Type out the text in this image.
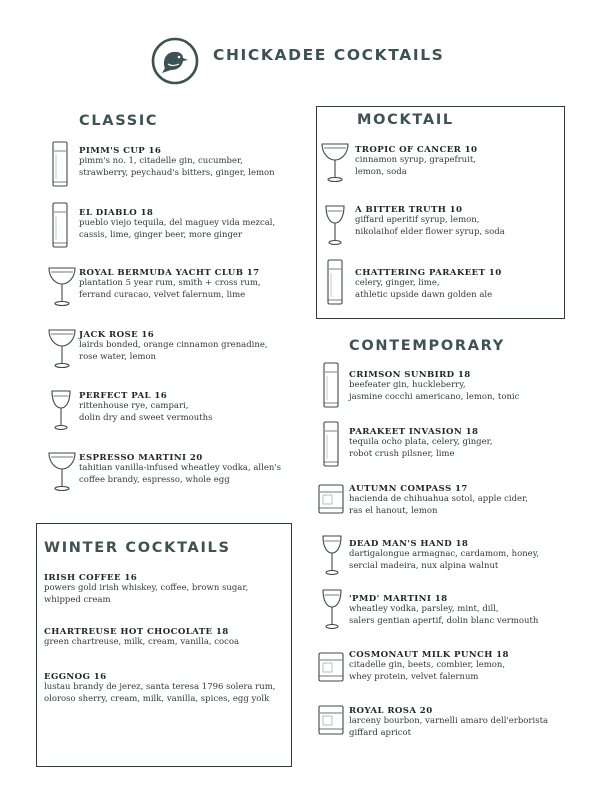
CHICKADEE COCKTAILS
CLASSIC	MOCKTAIL
CONTEMPORARY
WINTER COCKTAILS
PIMM'S CUP 16
pimm's no. 1, citadelle gin, cucumber,
strawberry, peychaud's bitters, ginger, lemon
EL DIABLO 18
pueblo viejo tequila, del maguey vida mezcal,
cassis, lime, ginger beer, more ginger
ROYAL BERMUDA YACHT CLUB 17
plantation 5 year rum, smith + cross rum,
ferrand curacao, velvet falernum, lime
JACK ROSE 16
lairds bonded, orange cinnamon grenadine,
rose water, lemon
PERFECT PAL 16
rittenhouse rye, campari,
dolin dry and sweet vermouths
ESPRESSO MARTINI 20
tahitian vanilla-infused wheatley vodka, allen's
coffee brandy, espresso, whole egg
TROPIC OF CANCER 10
cinnamon syrup, grapefruit,
lemon, soda
A BITTER TRUTH 10
giffard aperitif syrup, lemon,
nikolaihof elder flower syrup, soda
CHATTERING PARAKEET 10
celery, ginger, lime,
athletic upside dawn golden ale
CRIMSON SUNBIRD 18
beefeater gin, huckleberry,
jasmine cocchi americano, lemon, tonic
PARAKEET INVASION 18
tequila ocho plata, celery, ginger,
robot crush pilsner, lime
AUTUMN COMPASS 17
hacienda de chihuahua sotol, apple cider,
ras el hanout, lemon
DEAD MAN'S HAND 18
dartigalongue armagnac, cardamom, honey,
sercial madeira, nux alpina walnut
'PMD' MARTINI 18
wheatley vodka, parsley, mint, dill,
salers gentian apertif, dolin blanc vermouth
COSMONAUT MILK PUNCH 18
citadelle gin, beets, combier, lemon,
whey protein, velvet falernum
ROYAL ROSA 20
larceny bourbon, varnelli amaro dell'erborista
giffard apricot
IRISH COFFEE 16
powers gold irish whiskey, coffee, brown sugar,
whipped cream
CHARTREUSE HOT CHOCOLATE 18
green chartreuse, milk, cream, vanilla, cocoa
EGGNOG 16
lustau brandy de jerez, santa teresa 1796 solera rum,
oloroso sherry, cream, milk, vanilla, spices, egg yolk
